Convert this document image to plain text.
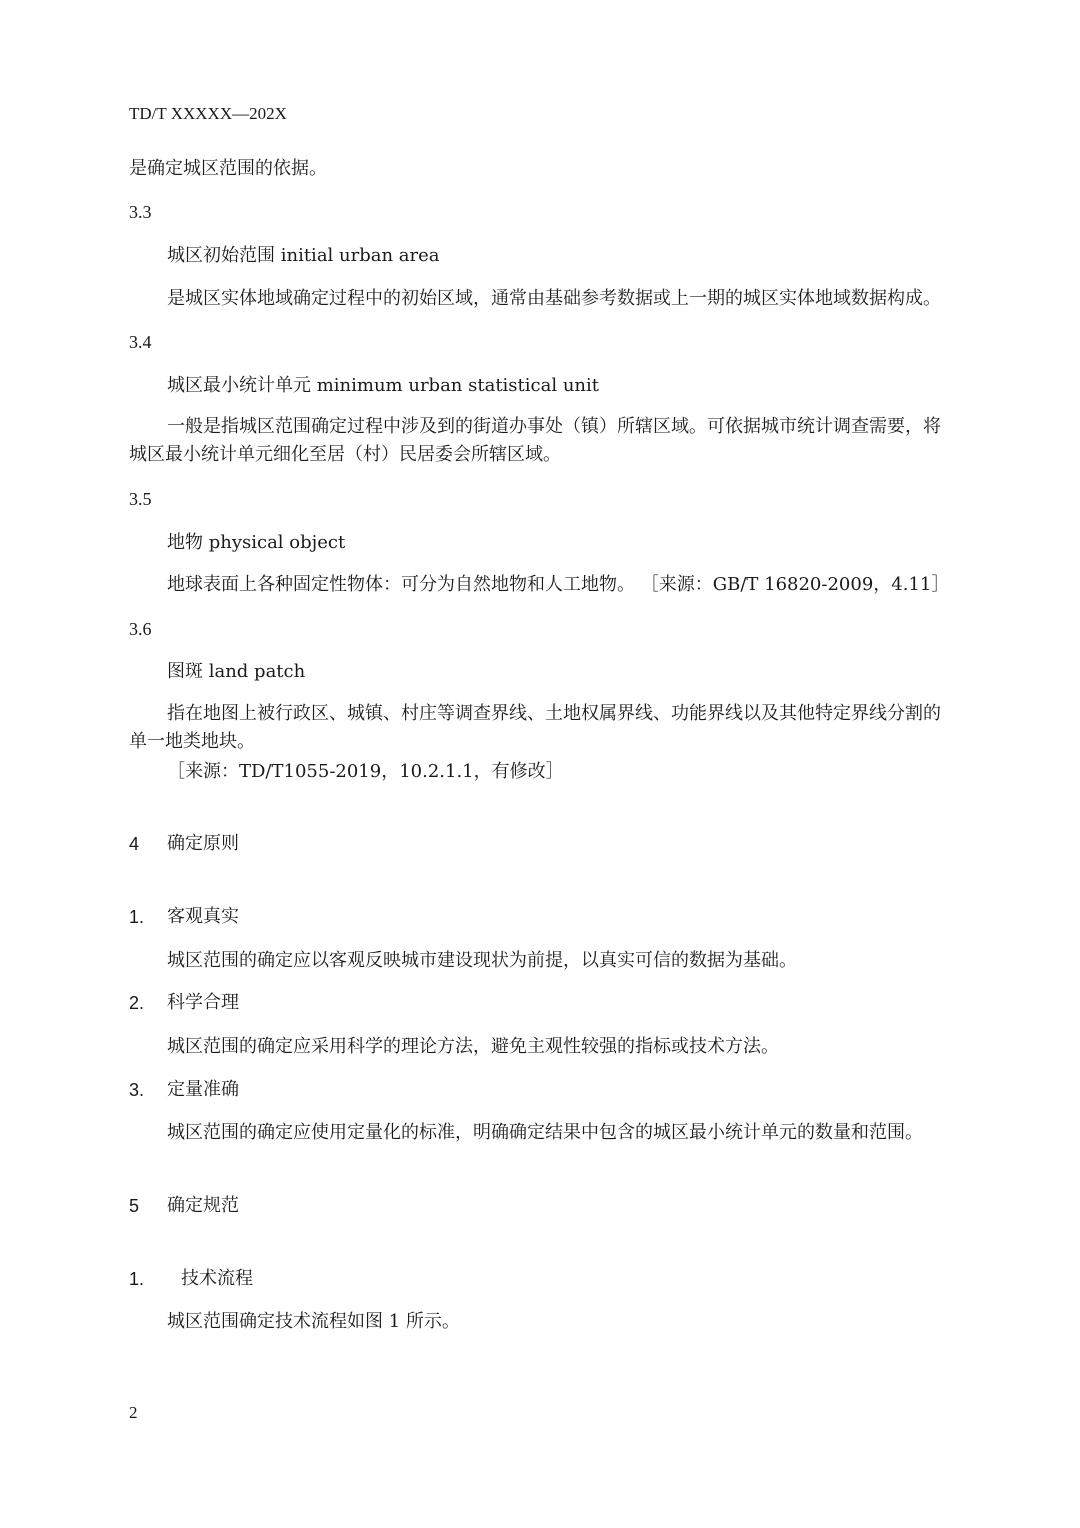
TD/T XXXXX—202X
是确定城区范围的依据。
3.3
城区初始范围 initial urban area
是城区实体地域确定过程中的初始区域，通常由基础参考数据或上一期的城区实体地域数据构成。
3.4
城区最小统计单元 minimum urban statistical unit
一般是指城区范围确定过程中涉及到的街道办事处（镇）所辖区域。可依据城市统计调查需要，将
城区最小统计单元细化至居（村）民居委会所辖区域。
3.5
地物 physical object
地球表面上各种固定性物体：可分为自然地物和人工地物。 ［来源：GB/T 16820-2009，4.11］
3.6
图斑 land patch
指在地图上被行政区、城镇、村庄等调查界线、土地权属界线、功能界线以及其他特定界线分割的
单一地类地块。
［来源：TD/T1055-2019，10.2.1.1，有修改］
4 确定原则
1. 客观真实
城区范围的确定应以客观反映城市建设现状为前提，以真实可信的数据为基础。
2. 科学合理
城区范围的确定应采用科学的理论方法，避免主观性较强的指标或技术方法。
3. 定量准确
城区范围的确定应使用定量化的标准，明确确定结果中包含的城区最小统计单元的数量和范围。
5 确定规范
1. 技术流程
城区范围确定技术流程如图 1 所示。
2
